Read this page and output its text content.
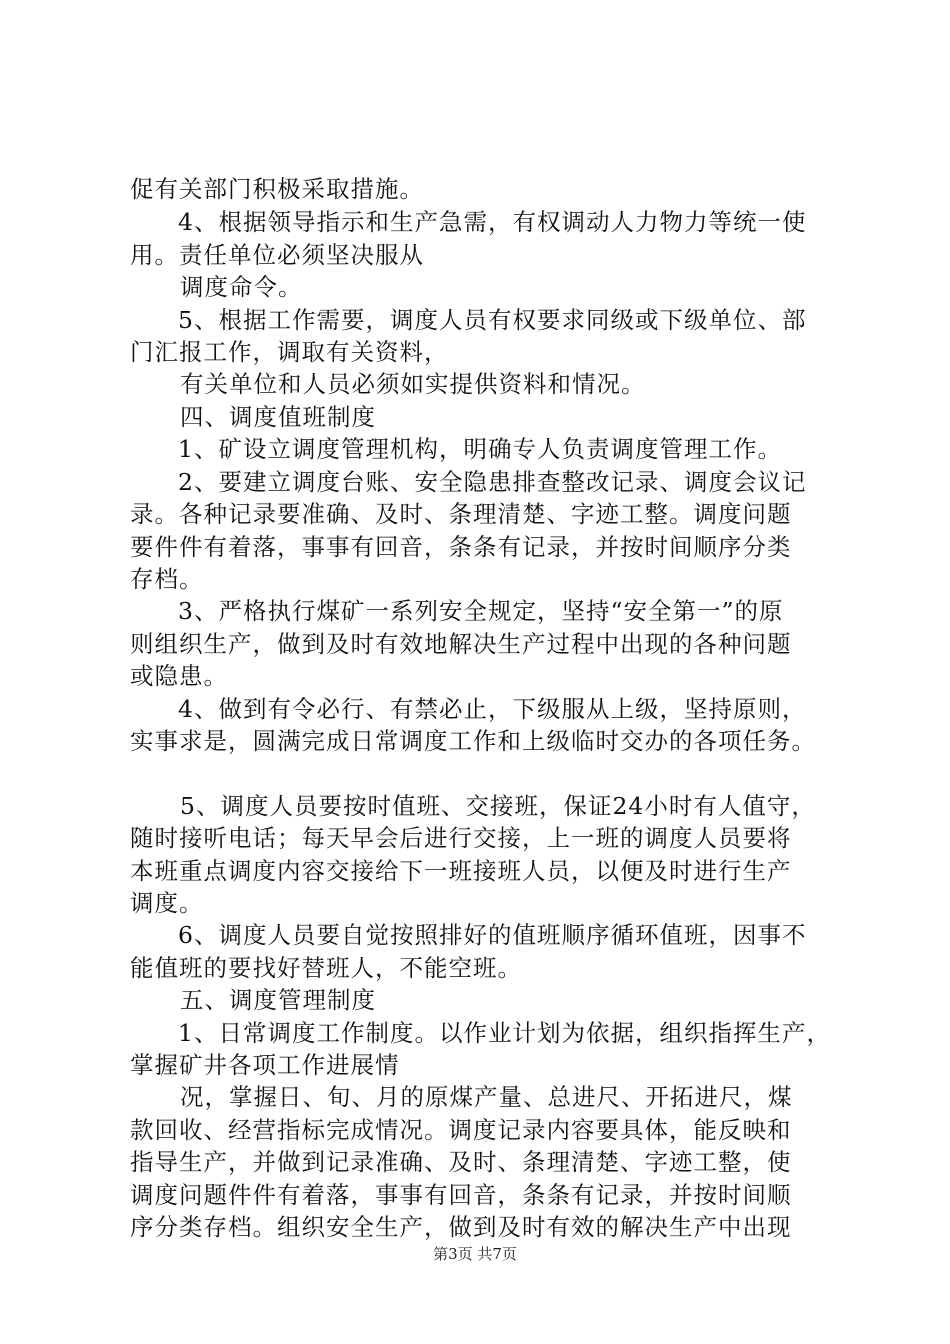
促有关部门积极采取措施。
4、根据领导指示和生产急需，有权调动人力物力等统一使
用。责任单位必须坚决服从
调度命令。
5、根据工作需要，调度人员有权要求同级或下级单位、部
门汇报工作，调取有关资料，
有关单位和人员必须如实提供资料和情况。
四、调度值班制度
1、矿设立调度管理机构，明确专人负责调度管理工作。
2、要建立调度台账、安全隐患排查整改记录、调度会议记
录。各种记录要准确、及时、条理清楚、字迹工整。调度问题
要件件有着落，事事有回音，条条有记录，并按时间顺序分类
存档。
3、严格执行煤矿一系列安全规定，坚持“安全第一”的原
则组织生产，做到及时有效地解决生产过程中出现的各种问题
或隐患。
4、做到有令必行、有禁必止，下级服从上级，坚持原则，
实事求是，圆满完成日常调度工作和上级临时交办的各项任务。
5、调度人员要按时值班、交接班，保证24小时有人值守，
随时接听电话；每天早会后进行交接，上一班的调度人员要将
本班重点调度内容交接给下一班接班人员，以便及时进行生产
调度。
6、调度人员要自觉按照排好的值班顺序循环值班，因事不
能值班的要找好替班人，不能空班。
五、调度管理制度
1、日常调度工作制度。以作业计划为依据，组织指挥生产，
掌握矿井各项工作进展情
况，掌握日、旬、月的原煤产量、总进尺、开拓进尺，煤
款回收、经营指标完成情况。调度记录内容要具体，能反映和
指导生产，并做到记录准确、及时、条理清楚、字迹工整，使
调度问题件件有着落，事事有回音，条条有记录，并按时间顺
序分类存档。组织安全生产，做到及时有效的解决生产中出现
第3页 共7页
